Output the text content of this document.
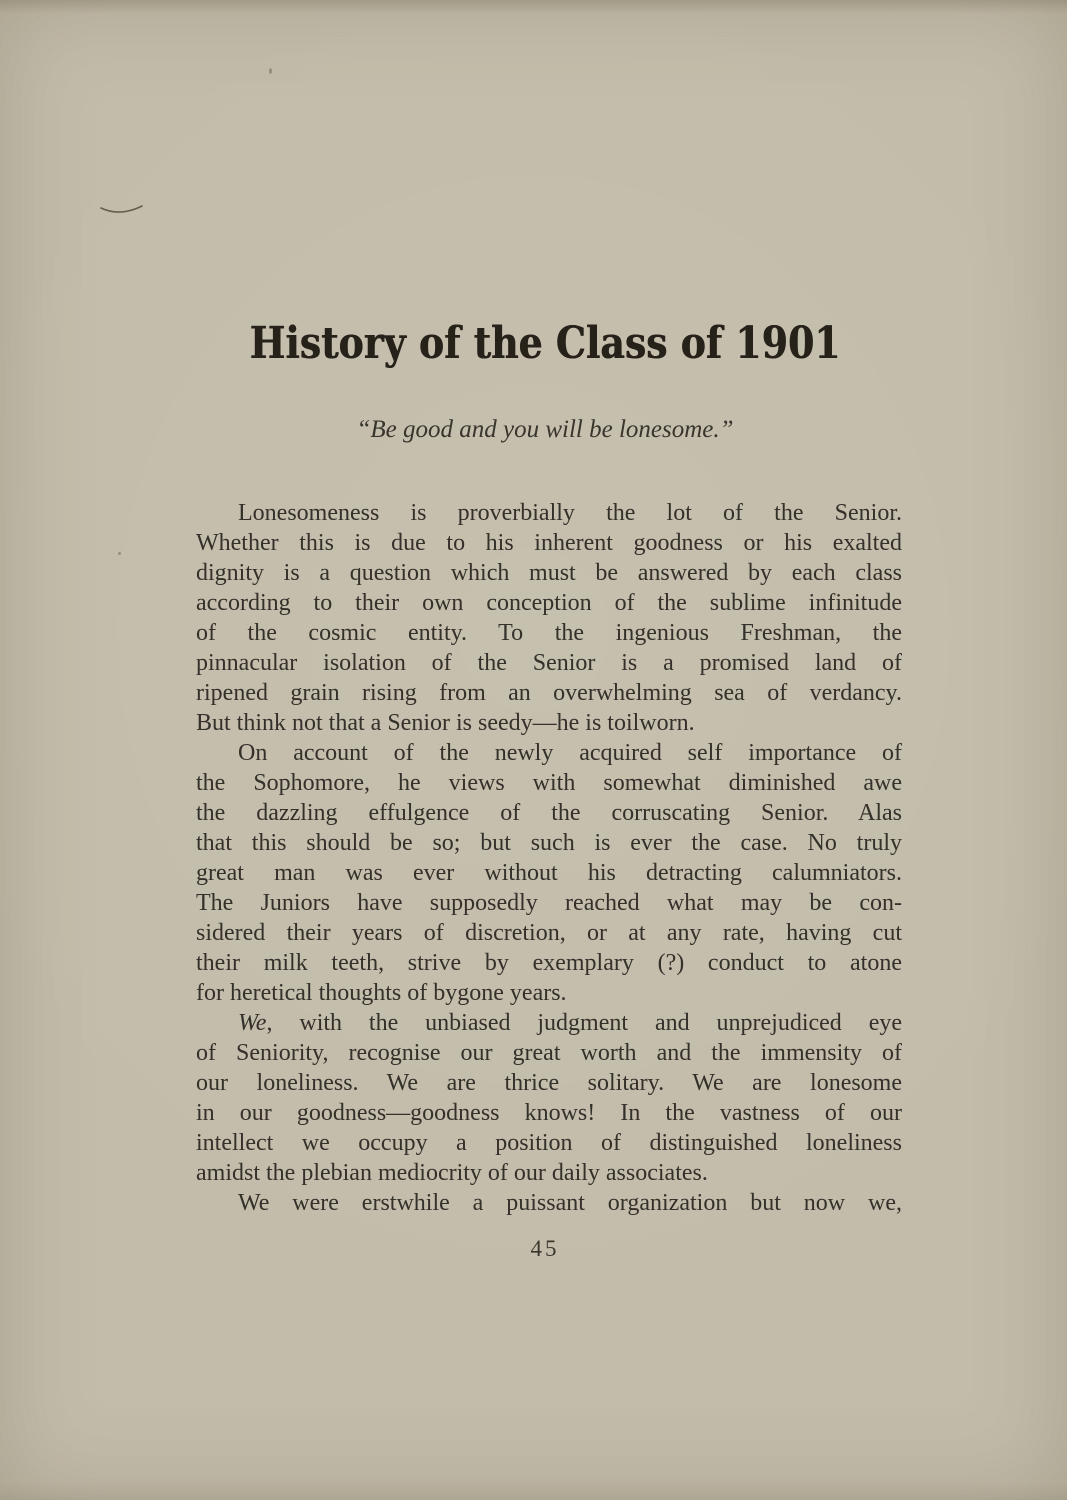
History of the Class of 1901
“Be good and you will be lonesome.”
Lonesomeness is proverbially the lot of the Senior.
Whether this is due to his inherent goodness or his exalted
dignity is a question which must be answered by each class
according to their own conception of the sublime infinitude
of the cosmic entity. To the ingenious Freshman, the
pinnacular isolation of the Senior is a promised land of
ripened grain rising from an overwhelming sea of verdancy.
But think not that a Senior is seedy—he is toilworn.
On account of the newly acquired self importance of
the Sophomore, he views with somewhat diminished awe
the dazzling effulgence of the corruscating Senior. Alas
that this should be so; but such is ever the case. No truly
great man was ever without his detracting calumniators.
The Juniors have supposedly reached what may be con-
sidered their years of discretion, or at any rate, having cut
their milk teeth, strive by exemplary (?) conduct to atone
for heretical thoughts of bygone years.
We, with the unbiased judgment and unprejudiced eye
of Seniority, recognise our great worth and the immensity of
our loneliness. We are thrice solitary. We are lonesome
in our goodness—goodness knows! In the vastness of our
intellect we occupy a position of distinguished loneliness
amidst the plebian mediocrity of our daily associates.
We were erstwhile a puissant organization but now we,
45
